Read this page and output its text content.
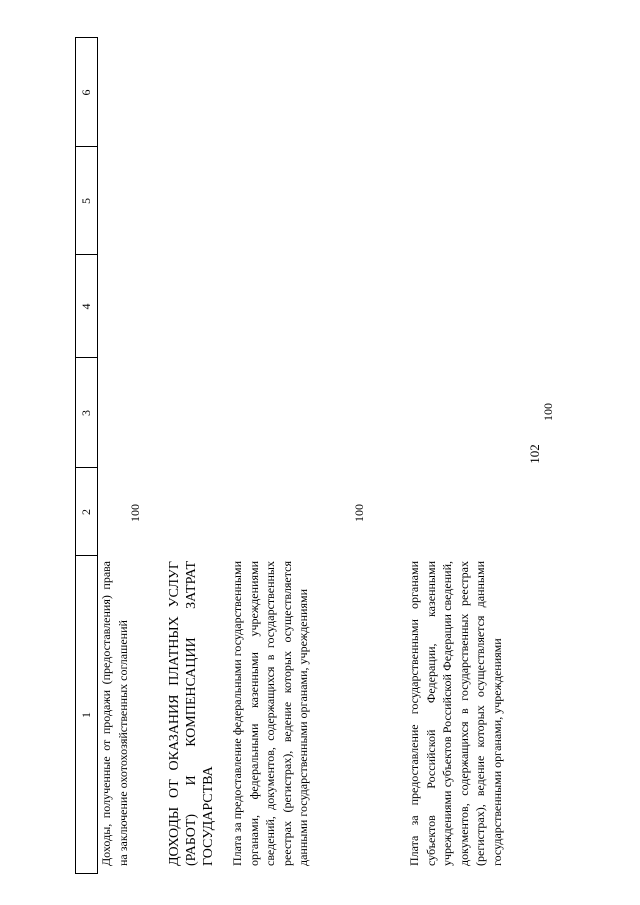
102
1
2
3
4
5
6
Доходы, полученные от продажи (предоставления) права на заключение охотохозяйственных соглашений
100
ДОХОДЫ ОТ ОКАЗАНИЯ ПЛАТНЫХ УСЛУГ (РАБОТ) И КОМПЕНСАЦИИ ЗАТРАТ ГОСУДАРСТВА Плата за предоставление федеральными государственными органами, федеральными казенными учреждениями сведений, документов, содержащихся в государственных реестрах (регистрах), ведение которых осуществляется данными государственными органами, учреждениями
100
Плата за предоставление государственными органами субъектов Российской Федерации, казенными учреждениями субъектов Российской Федерации сведений, документов, содержащихся в государственных реестрах (регистрах), ведение которых осуществляется данными государственными органами, учреждениями
100
